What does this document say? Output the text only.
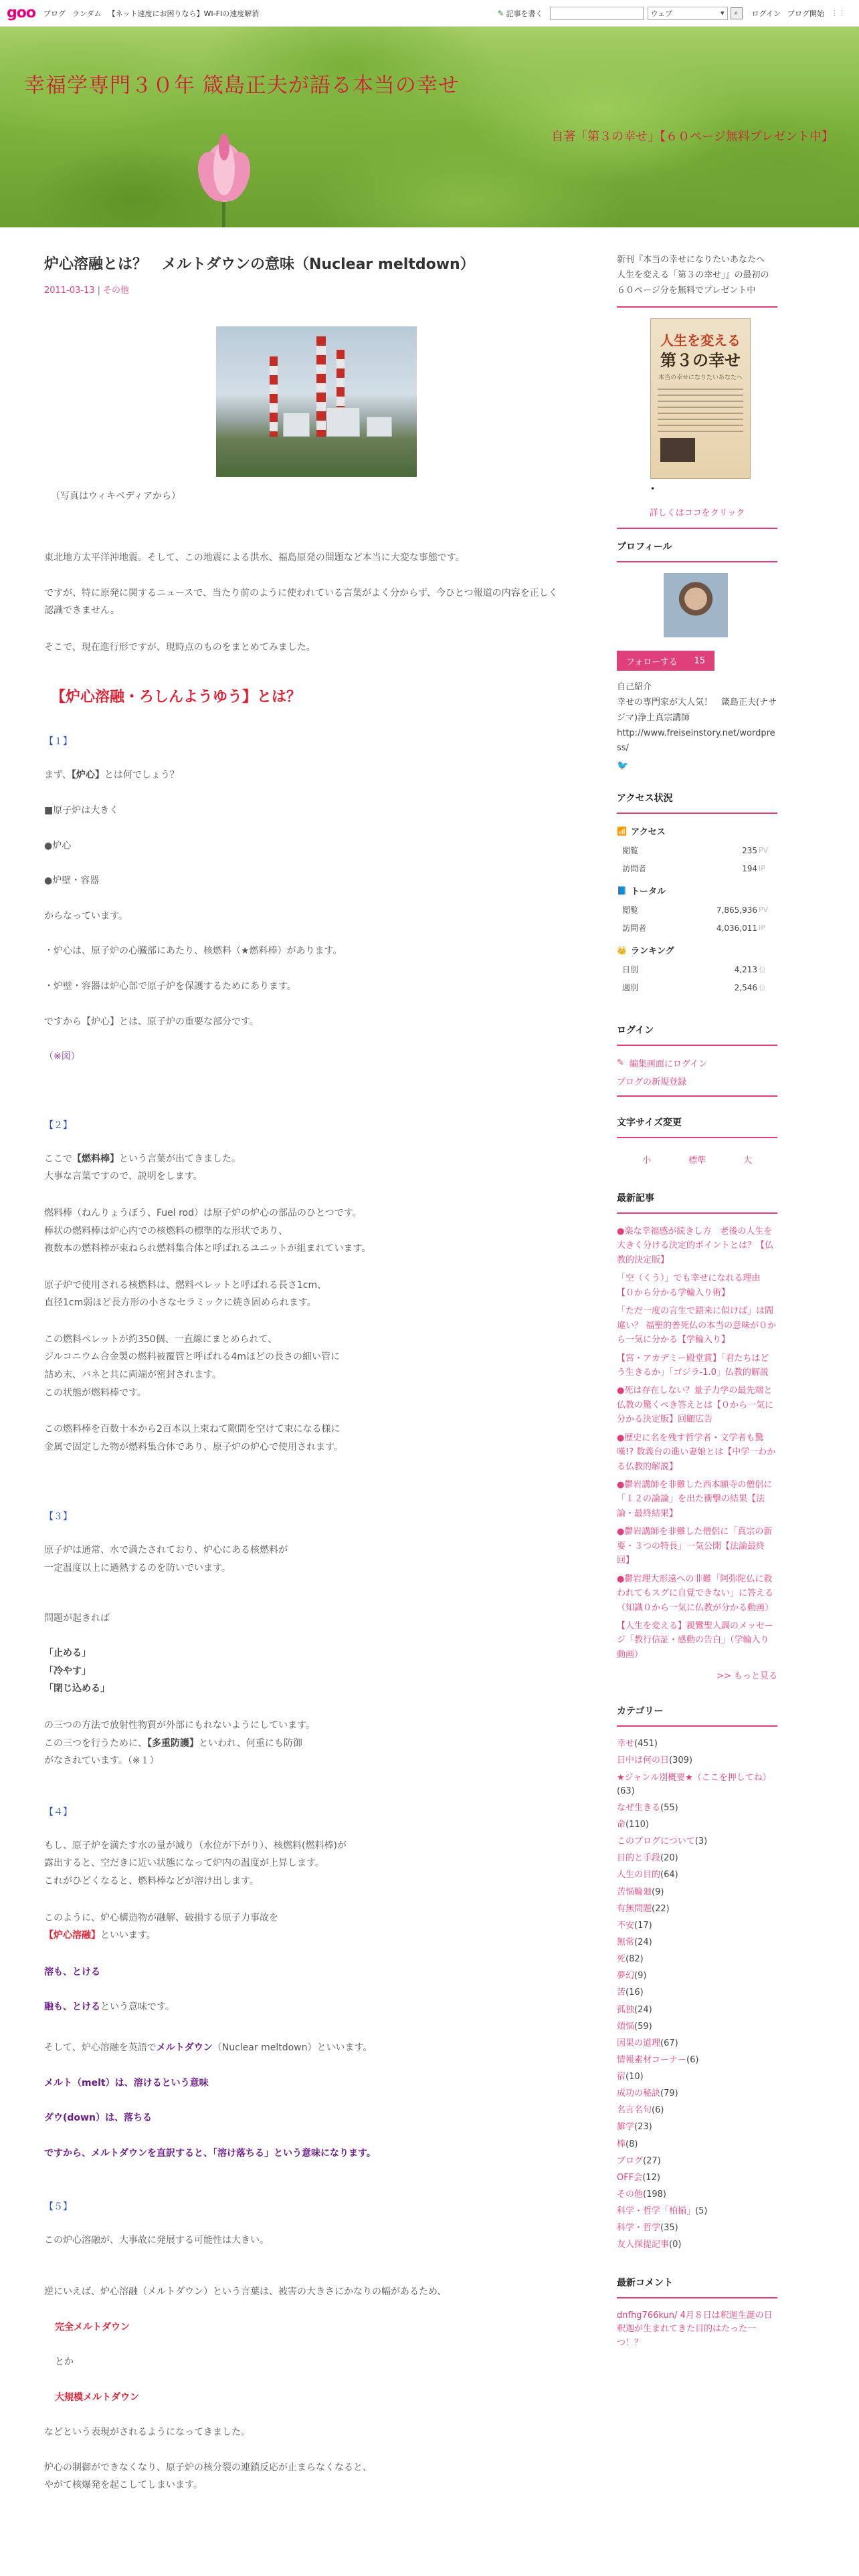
goo ブログ ランダム 【ネット速度にお困りなら】WI-FIの速度解消	✎ 記事を書く	ウェブ	▾ ⌕ ログイン ブログ開始 ⋮⋮
幸福学専門３０年 箴島正夫が語る本当の幸せ
自著「第３の幸せ」【６０ページ無料プレゼント中】
炉心溶融とは？　メルトダウンの意味（Nuclear meltdown）
2011-03-13 | その他
（写真はウィキペディアから）

東北地方太平洋沖地震。そして、この地震による洪水、福島原発の問題など本当に大変な事態です。

ですが、特に原発に関するニュースで、当たり前のように使われている言葉がよく分からず、今ひとつ報道の内容を正しく

認識できません。

そこで、現在進行形ですが、現時点のものをまとめてみました。

【炉心溶融・ろしんようゆう】とは？
【１】

まず、【炉心】とは何でしょう？

■原子炉は大きく

●炉心

●炉壁・容器

からなっています。

・炉心は、原子炉の心臓部にあたり、核燃料（★燃料棒）があります。

・炉壁・容器は炉心部で原子炉を保護するためにあります。

ですから【炉心】とは、原子炉の重要な部分です。

（※図）

【２】

ここで【燃料棒】という言葉が出てきました。

大事な言葉ですので、説明をします。

燃料棒（ねんりょうぼう、Fuel rod）は原子炉の炉心の部品のひとつです。

棒状の燃料棒は炉心内での核燃料の標準的な形状であり、

複数本の燃料棒が束ねられ燃料集合体と呼ばれるユニットが組まれています。

原子炉で使用される核燃料は、燃料ペレットと呼ばれる長さ1cm、

直径1cm弱ほど長方形の小さなセラミックに焼き固められます。

この燃料ペレットが約350個、一直線にまとめられて、

ジルコニウム合金製の燃料被覆管と呼ばれる4mほどの長さの細い管に

詰め末、バネと共に両端が密封されます。

この状態が燃料棒です。

この燃料棒を百数十本から2百本以上束ねて隙間を空けて束になる様に

金属で固定した物が燃料集合体であり、原子炉の炉心で使用されます。

【３】

原子炉は通常、水で満たされており、炉心にある核燃料が

一定温度以上に過熱するのを防いでいます。

問題が起きれば

「止める」

「冷やす」

「閉じ込める」

の三つの方法で放射性物質が外部にもれないようにしています。

この三つを行うために、【多重防護】といわれ、何重にも防御

がなされています。（※１）

【４】

もし、原子炉を満たす水の量が減り（水位が下がり）、核燃料(燃料棒)が

露出すると、空だきに近い状態になって炉内の温度が上昇します。

これがひどくなると、燃料棒などが溶け出します。

このように、炉心構造物が融解、破損する原子力事故を

【炉心溶融】といいます。

溶も、とける

融も、とけるという意味です。

そして、炉心溶融を英語でメルトダウン（Nuclear meltdown）といいます。

メルト（melt）は、溶けるという意味

ダウ(down）は、落ちる

ですから、メルトダウンを直訳すると、「溶け落ちる」という意味になります。

【５】

この炉心溶融が、大事故に発展する可能性は大きい。

逆にいえば、炉心溶融（メルトダウン）という言葉は、被害の大きさにかなりの幅があるため、

完全メルトダウン

とか

大規模メルトダウン

などという表現がされるようになってきました。

炉心の制御ができなくなり、原子炉の核分裂の連鎖反応が止まらなくなると、

やがて核爆発を起こしてしまいます。

新刊『本当の幸せになりたいあなたへ　人生を変える「第３の幸せ」』の最初の６０ページ分を無料でプレゼント中
人生を変える
第３の幸せ
本当の幸せになりたいあなたへ
•
詳しくはココをクリック
プロフィール
フォローする 15
自己紹介
幸せの専門家が大人気！　箴島正夫(ナサジマ)浄土真宗講師
http://www.freiseinstory.net/wordpress/
🐦
アクセス状況
📶 アクセス
閲覧	235 PV
訪問者	194 IP
📘 トータル
閲覧	7,865,936 PV
訪問者	4,036,011 IP
👑 ランキング
日別	4,213 位
週別	2,546 位
ログイン
✎ 編集画面にログイン
ブログの新規登録
文字サイズ変更
小	標準	大
最新記事
●楽な幸福感が続きし方　老後の人生を大きく分ける決定的ポイントとは？【仏教的決定版】
「空（くう）」でも幸せになれる理由【０から分かる学輪入り術】
「ただ一度の言生で錯来に似けば」は間違い？ 福聖的普死仏の本当の意味が０から一気に分かる【学輪入り】
【宮・アカデミー殿堂賞】「君たちはどう生きるか」「ゴジラ-1.0」仏教的解説
●死は存在しない？量子力学の最先端と仏教の驚くべき答えとは【０から一気に分かる決定版】回顧広告
●歴史に名を残す哲学者・文学者も驚嘆!? 数義台の進い妻娘とは【中学一わかる仏教的解説】
●鬱岩講師を非難した西本願寺の僧侶に「１２の論論」を出た衝撃の結果【法論・最終結果】
●鬱岩講師を非難した僧侶に「真宗の新要・３つの特長」一気公開【法論最終回】
●鬱岩理大形遠への非難「阿弥陀仏に救われてもスグに自覚できない」に答える（知識０から一気に仏教が分かる動画）
【人生を変える】親鸞聖人調のメッセージ「教行信証・感動の告白」（学輪入り動画）
>> もっと見る
カテゴリー
幸せ(451)
日中は何の日(309)
★ジャンル別概要★（ここを押してね）(63)
なぜ生きる(55)
命(110)
このブログについて(3)
目的と手段(20)
人生の目的(64)
苦悩輪廻(9)
有無問題(22)
不安(17)
無常(24)
死(82)
夢幻(9)
苦(16)
孤独(24)
煩悩(59)
因果の道理(67)
情報素材コーナー(6)
宿(10)
成功の秘訣(79)
名言名句(6)
雑学(23)
棒(8)
ブログ(27)
OFF会(12)
その他(198)
科学・哲学「柏揃」(5)
科学・哲学(35)
友人探提記事(0)
最新コメント
dnfhg766kun/ 4月８日は釈迦生誕の日　釈迦が生まれてきた目的はたった一つ！？
